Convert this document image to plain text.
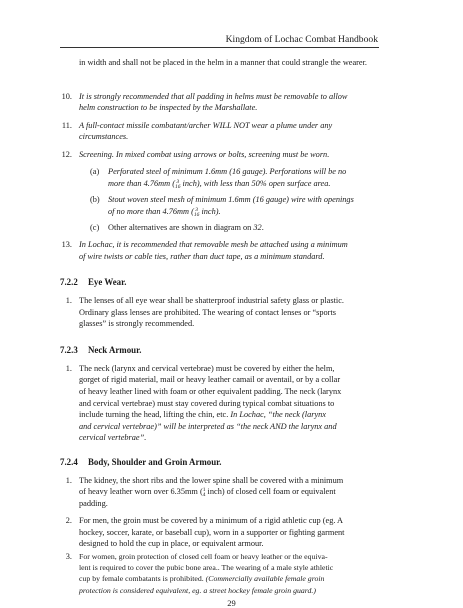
Kingdom of Lochac Combat Handbook
in width and shall not be placed in the helm in a manner that could strangle the wearer.
10. It is strongly recommended that all padding in helms must be removable to allow
helm construction to be inspected by the Marshallate.
11. A full-contact missile combatant/archer WILL NOT wear a plume under any
circumstances.
12. Screening. In mixed combat using arrows or bolts, screening must be worn.
(a) Perforated steel of minimum 1.6mm (16 gauge). Perforations will be no
more than 4.76mm ( 3
16 inch), with less than 50% open surface area.
(b) Stout woven steel mesh of minimum 1.6mm (16 gauge) wire with openings
of no more than 4.76mm ( 3
16 inch).
(c) Other alternatives are shown in diagram on 32.
13. In Lochac, it is recommended that removable mesh be attached using a minimum
of wire twists or cable ties, rather than duct tape, as a minimum standard.
7.2.2 Eye Wear.
1. The lenses of all eye wear shall be shatterproof industrial safety glass or plastic.
Ordinary glass lenses are prohibited. The wearing of contact lenses or “sports
glasses” is strongly recommended.
7.2.3 Neck Armour.
1. The neck (larynx and cervical vertebrae) must be covered by either the helm,
gorget of rigid material, mail or heavy leather camail or aventail, or by a collar
of heavy leather lined with foam or other equivalent padding. The neck (larynx
and cervical vertebrae) must stay covered during typical combat situations to
include turning the head, lifting the chin, etc. In Lochac, “the neck (larynx
and cervical vertebrae)” will be interpreted as “the neck AND the larynx and
cervical vertebrae”.
7.2.4 Body, Shoulder and Groin Armour.
1. The kidney, the short ribs and the lower spine shall be covered with a minimum
of heavy leather worn over 6.35mm ( 1
4 inch) of closed cell foam or equivalent
padding.
2. For men, the groin must be covered by a minimum of a rigid athletic cup (eg. A
hockey, soccer, karate, or baseball cup), worn in a supporter or fighting garment
designed to hold the cup in place, or equivalent armour.
29
3. For women, groin protection of closed cell foam or heavy leather or the equiva-
lent is required to cover the pubic bone area.. The wearing of a male style athletic
cup by female combatants is prohibited. (Commercially available female groin
protection is considered equivalent, eg. a street hockey female groin guard.)
